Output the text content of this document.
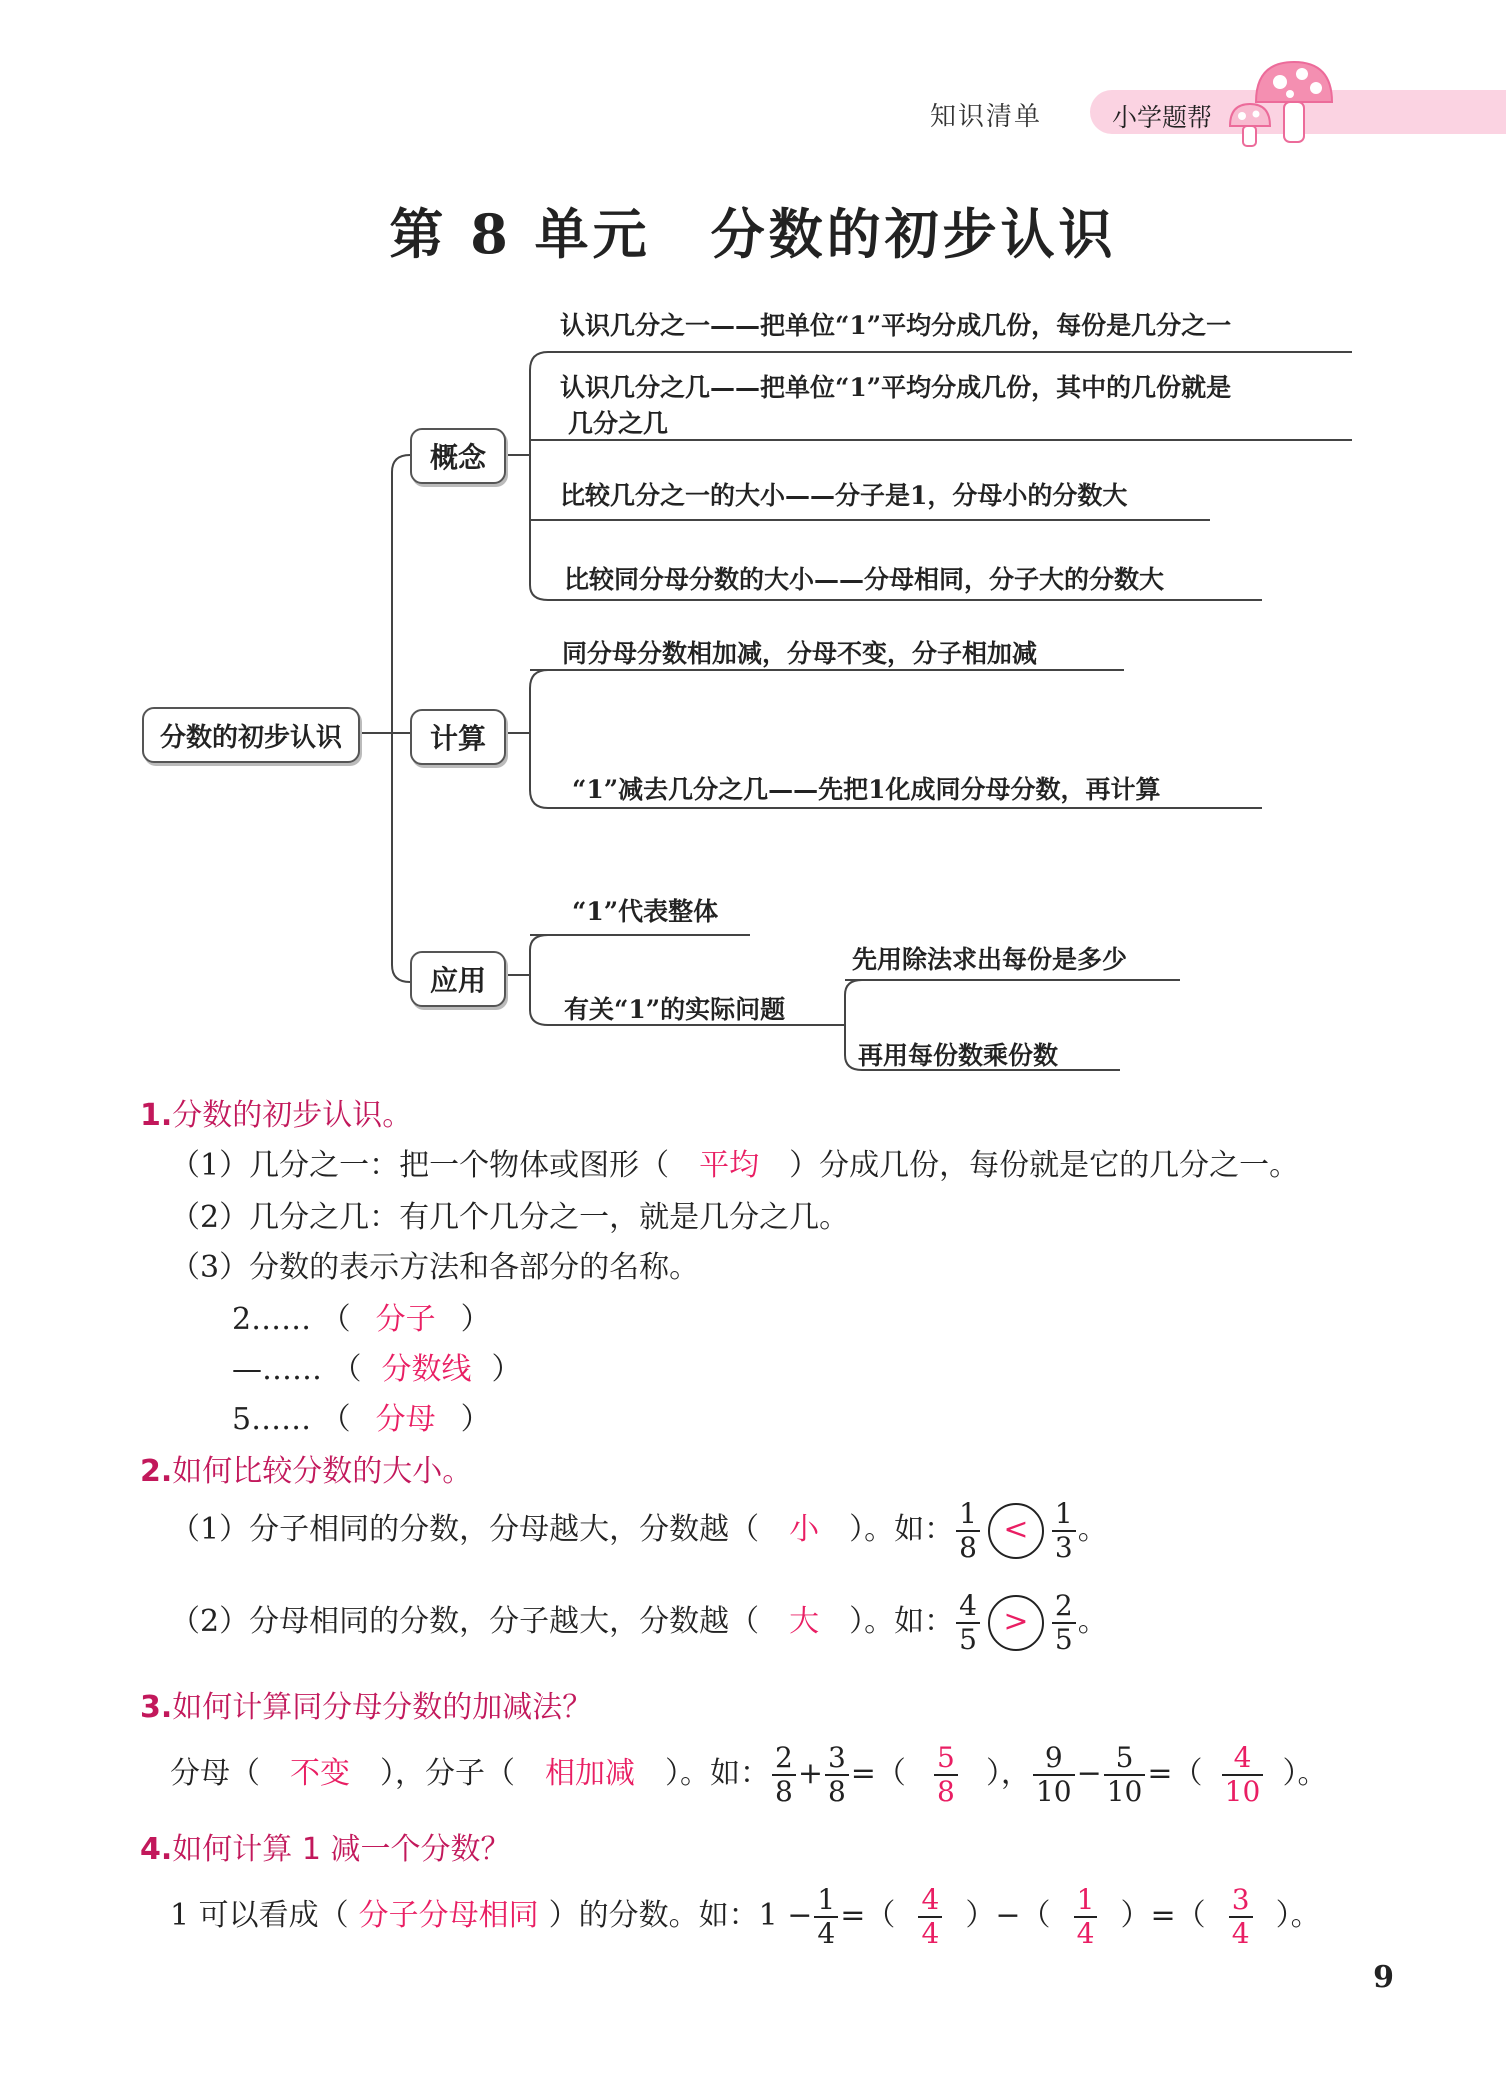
知识清单	小学题帮
第 8 单元 分数的初步认识
分数的初步认识
概念
计算
应用
认识几分之一——把单位“1”平均分成几份，每份是几分之一
认识几分之几——把单位“1”平均分成几份，其中的几份就是
几分之几
比较几分之一的大小——分子是1，分母小的分数大
比较同分母分数的大小——分母相同，分子大的分数大
同分母分数相加减，分母不变，分子相加减
“1”减去几分之几——先把1化成同分母分数，再计算
“1”代表整体
有关“1”的实际问题
先用除法求出每份是多少
再用每份数乘份数
1.分数的初步认识。
（1）几分之一：把一个物体或图形（ 平均 ）分成几份，每份就是它的几分之一。
（2）几分之几：有几个几分之一，就是几分之几。
（3）分数的表示方法和各部分的名称。
2…… （ 分子 ）
—…… （ 分数线 ）
5…… （ 分母 ）
2.如何比较分数的大小。
（1）分子相同的分数，分母越大，分数越（ 小 ）。如： $\frac{1}{8} < \frac{1}{3}$ 。
（2）分母相同的分数，分子越大，分数越（ 大 ）。如： $\frac{4}{5} > \frac{2}{5}$ 。
3.如何计算同分母分数的加减法？
分母（ 不变 ），分子（ 相加减 ）。如： $\frac{2}{8} + \frac{3}{8}$ =（ $\frac{5}{8}$ ）， $\frac{9}{10} - \frac{5}{10}$ =（ $\frac{4}{10}$ ）。
4.如何计算 1 减一个分数？
1 可以看成（ 分子分母相同 ）的分数。如：$1 - \frac{1}{4}$ =（ $\frac{4}{4}$ ）−（ $\frac{1}{4}$ ）=（ $\frac{3}{4}$ ）。
9
